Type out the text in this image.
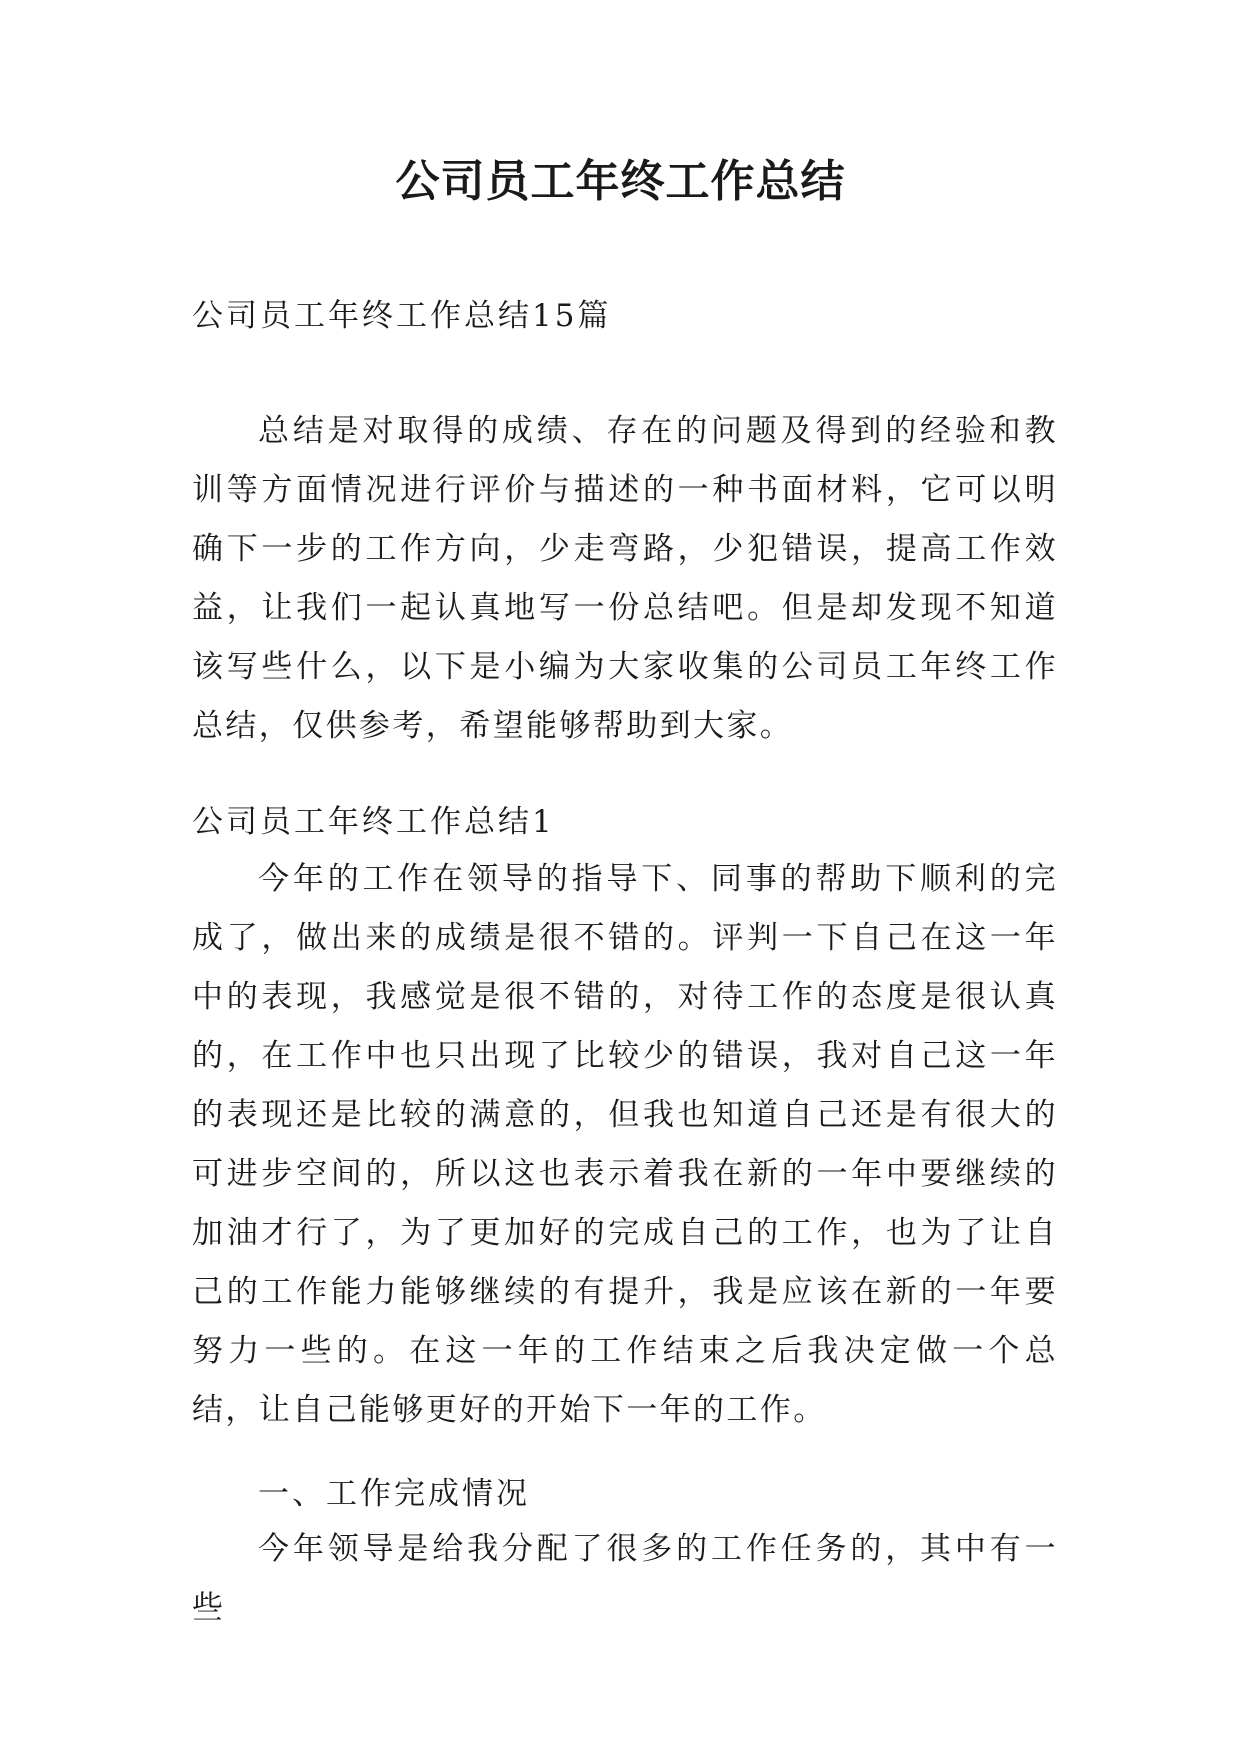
公司员工年终工作总结

公司员工年终工作总结15篇

总结是对取得的成绩、存在的问题及得到的经验和教训等方面情况进行评价与描述的一种书面材料，它可以明确下一步的工作方向，少走弯路，少犯错误，提高工作效益，让我们一起认真地写一份总结吧。但是却发现不知道该写些什么，以下是小编为大家收集的公司员工年终工作总结，仅供参考，希望能够帮助到大家。

公司员工年终工作总结1

今年的工作在领导的指导下、同事的帮助下顺利的完成了，做出来的成绩是很不错的。评判一下自己在这一年中的表现，我感觉是很不错的，对待工作的态度是很认真的，在工作中也只出现了比较少的错误，我对自己这一年的表现还是比较的满意的，但我也知道自己还是有很大的可进步空间的，所以这也表示着我在新的一年中要继续的加油才行了，为了更加好的完成自己的工作，也为了让自己的工作能力能够继续的有提升，我是应该在新的一年要努力一些的。在这一年的工作结束之后我决定做一个总结，让自己能够更好的开始下一年的工作。

一、工作完成情况

今年领导是给我分配了很多的工作任务的，其中有一些
